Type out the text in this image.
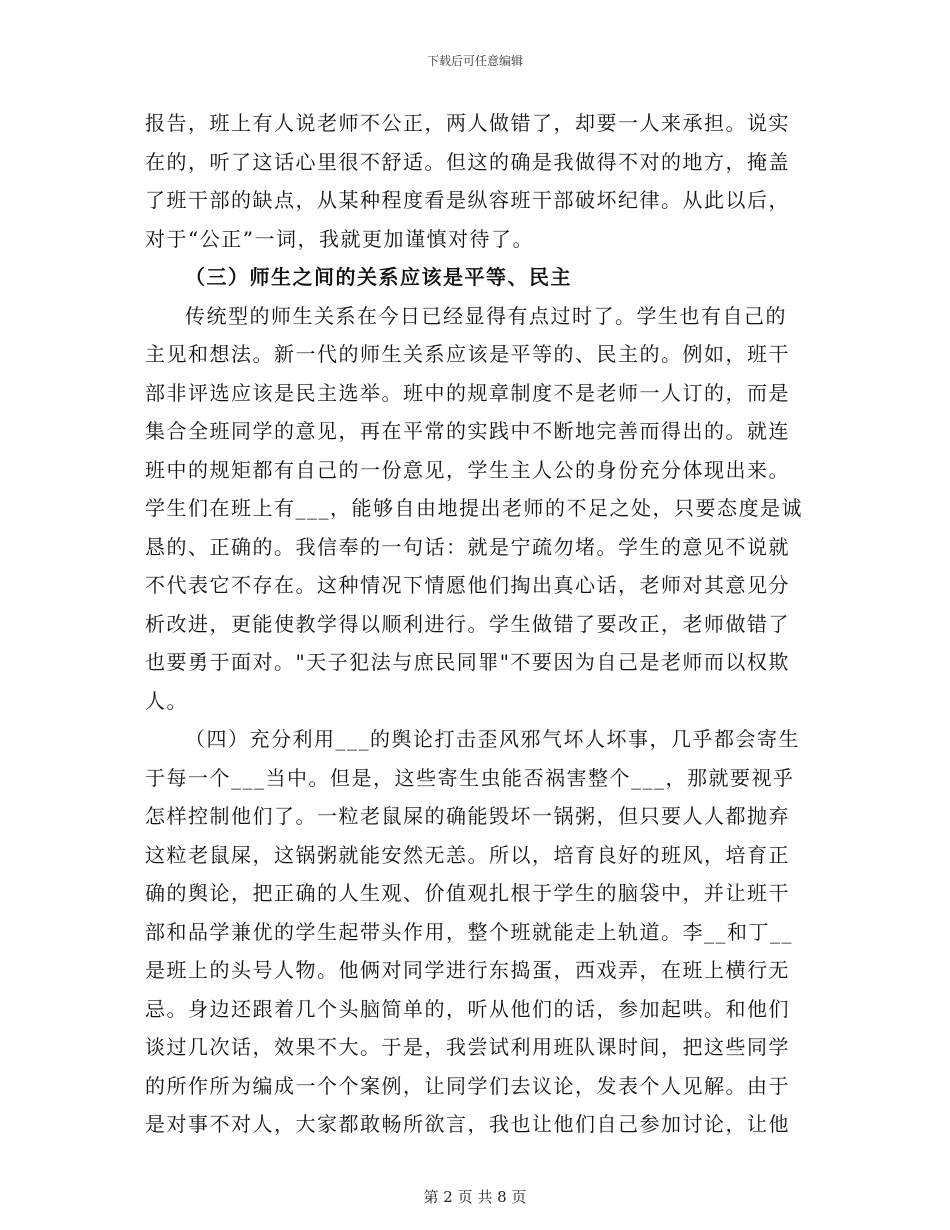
下载后可任意编辑
报告，班上有人说老师不公正，两人做错了，却要一人来承担。说实
在的，听了这话心里很不舒适。但这的确是我做得不对的地方，掩盖
了班干部的缺点，从某种程度看是纵容班干部破坏纪律。从此以后，
对于“公正”一词，我就更加谨慎对待了。
（三）师生之间的关系应该是平等、民主
传统型的师生关系在今日已经显得有点过时了。学生也有自己的
主见和想法。新一代的师生关系应该是平等的、民主的。例如，班干
部非评选应该是民主选举。班中的规章制度不是老师一人订的，而是
集合全班同学的意见，再在平常的实践中不断地完善而得出的。就连
班中的规矩都有自己的一份意见，学生主人公的身份充分体现出来。
学生们在班上有___，能够自由地提出老师的不足之处，只要态度是诚
恳的、正确的。我信奉的一句话：就是宁疏勿堵。学生的意见不说就
不代表它不存在。这种情况下情愿他们掏出真心话，老师对其意见分
析改进，更能使教学得以顺利进行。学生做错了要改正，老师做错了
也要勇于面对。"天子犯法与庶民同罪"不要因为自己是老师而以权欺
人。
（四）充分利用___的舆论打击歪风邪气坏人坏事，几乎都会寄生
于每一个___当中。但是，这些寄生虫能否祸害整个___，那就要视乎
怎样控制他们了。一粒老鼠屎的确能毁坏一锅粥，但只要人人都抛弃
这粒老鼠屎，这锅粥就能安然无恙。所以，培育良好的班风，培育正
确的舆论，把正确的人生观、价值观扎根于学生的脑袋中，并让班干
部和品学兼优的学生起带头作用，整个班就能走上轨道。李__和丁__
是班上的头号人物。他俩对同学进行东捣蛋，西戏弄，在班上横行无
忌。身边还跟着几个头脑简单的，听从他们的话，参加起哄。和他们
谈过几次话，效果不大。于是，我尝试利用班队课时间，把这些同学
的所作所为编成一个个案例，让同学们去议论，发表个人见解。由于
是对事不对人，大家都敢畅所欲言，我也让他们自己参加讨论，让他
第 2 页 共 8 页
